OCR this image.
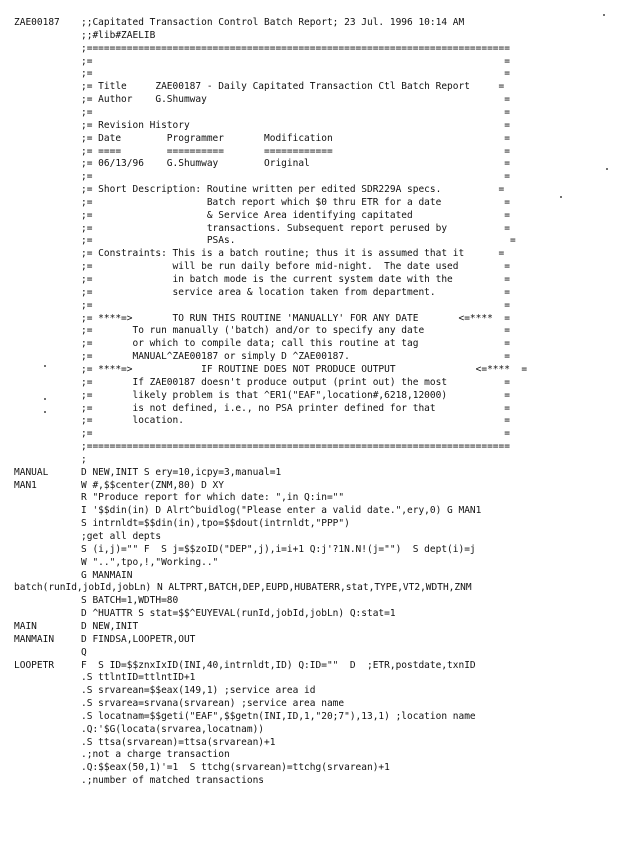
ZAE00187 ;;Capitated Transaction Control Batch Report; 23 Jul. 1996 10:14 AM
;;#lib#ZAELIB
;==========================================================================
;=                                                                        =
;=                                                                        =
;= Title     ZAE00187 - Daily Capitated Transaction Ctl Batch Report     =
;= Author    G.Shumway                                                    =
;=                                                                        =
;= Revision History                                                       =
;= Date        Programmer       Modification                              =
;= ====        ==========       ============                              =
;= 06/13/96    G.Shumway        Original                                  =
;=                                                                        =
;= Short Description: Routine written per edited SDR229A specs.          =
;=                    Batch report which $0 thru ETR for a date           =
;=                    & Service Area identifying capitated                =
;=                    transactions. Subsequent report perused by          =
;=                    PSAs.                                                =
;= Constraints: This is a batch routine; thus it is assumed that it      =
;=              will be run daily before mid-night.  The date used        =
;=              in batch mode is the current system date with the         =
;=              service area & location taken from department.            =
;=                                                                        =
;= ****=>       TO RUN THIS ROUTINE 'MANUALLY' FOR ANY DATE       <=****  =
;=       To run manually ('batch) and/or to specify any date              =
;=       or which to compile data; call this routine at tag               =
;=       MANUAL^ZAE00187 or simply D ^ZAE00187.                           =
;= ****=>            IF ROUTINE DOES NOT PRODUCE OUTPUT              <=****  =
;=       If ZAE00187 doesn't produce output (print out) the most          =
;=       likely problem is that ^ER1("EAF",location#,6218,12000)          =
;=       is not defined, i.e., no PSA printer defined for that            =
;=       location.                                                        =
;=                                                                        =
;==========================================================================
;
MANUAL	D NEW,INIT S ery=10,icpy=3,manual=1
MAN1	W #,$$center(ZNM,80) D XY
R "Produce report for which date: ",in Q:in=""
I '$$din(in) D Alrt^buidlog("Please enter a valid date.",ery,0) G MAN1
S intrnldt=$$din(in),tpo=$$dout(intrnldt,"PPP")
;get all depts
S (i,j)="" F  S j=$$zoID("DEP",j),i=i+1 Q:j'?1N.N!(j="")  S dept(i)=j
W "..",tpo,!,"Working.."
G MANMAIN
batch(runId,jobId,jobLn) N ALTPRT,BATCH,DEP,EUPD,HUBATERR,stat,TYPE,VT2,WDTH,ZNM
S BATCH=1,WDTH=80
D ^HUATTR S stat=$$^EUYEVAL(runId,jobId,jobLn) Q:stat=1
MAIN	D NEW,INIT
MANMAIN	D FINDSA,LOOPETR,OUT
Q
LOOPETR	F  S ID=$$znxIxID(INI,40,intrnldt,ID) Q:ID=""  D  ;ETR,postdate,txnID
.S ttlntID=ttlntID+1
.S srvarean=$$eax(149,1) ;service area id
.S srvarea=srvana(srvarean) ;service area name
.S locatnam=$$geti("EAF",$$getn(INI,ID,1,"20;7"),13,1) ;location name
.Q:'$G(locata(srvarea,locatnam))
.S ttsa(srvarean)=ttsa(srvarean)+1
.;not a charge transaction
.Q:$$eax(50,1)'=1  S ttchg(srvarean)=ttchg(srvarean)+1
.;number of matched transactions
